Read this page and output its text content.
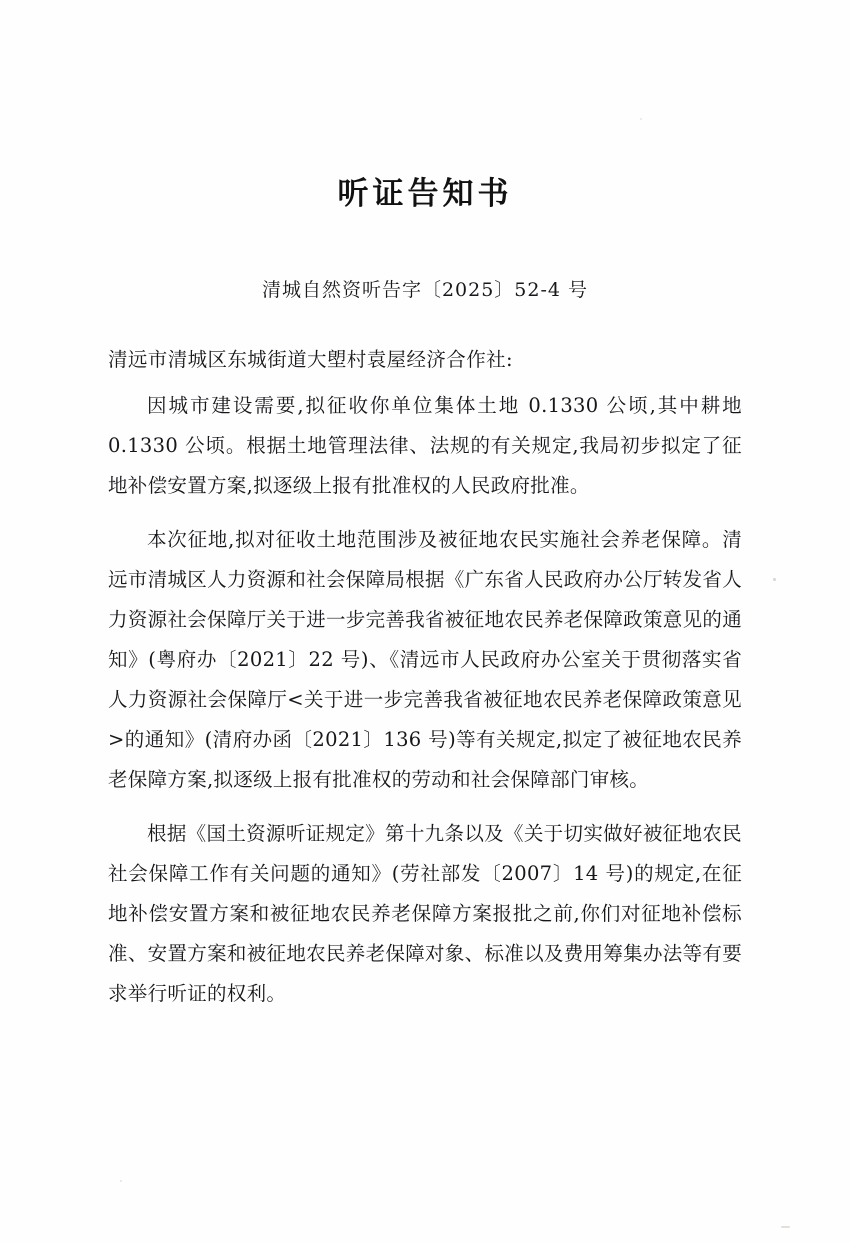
听证告知书

清城自然资听告字〔2025〕52-4 号

清远市清城区东城街道大塱村袁屋经济合作社:

因城市建设需要,拟征收你单位集体土地 0.1330 公顷,其中耕地 0.1330 公顷。根据土地管理法律、法规的有关规定,我局初步拟定了征地补偿安置方案,拟逐级上报有批准权的人民政府批准。

本次征地,拟对征收土地范围涉及被征地农民实施社会养老保障。清远市清城区人力资源和社会保障局根据《广东省人民政府办公厅转发省人力资源社会保障厅关于进一步完善我省被征地农民养老保障政策意见的通知》(粤府办〔2021〕22 号)、《清远市人民政府办公室关于贯彻落实省人力资源社会保障厅<关于进一步完善我省被征地农民养老保障政策意见>的通知》(清府办函〔2021〕136 号)等有关规定,拟定了被征地农民养老保障方案,拟逐级上报有批准权的劳动和社会保障部门审核。

根据《国土资源听证规定》第十九条以及《关于切实做好被征地农民社会保障工作有关问题的通知》(劳社部发〔2007〕14 号)的规定,在征地补偿安置方案和被征地农民养老保障方案报批之前,你们对征地补偿标准、安置方案和被征地农民养老保障对象、标准以及费用筹集办法等有要求举行听证的权利。
